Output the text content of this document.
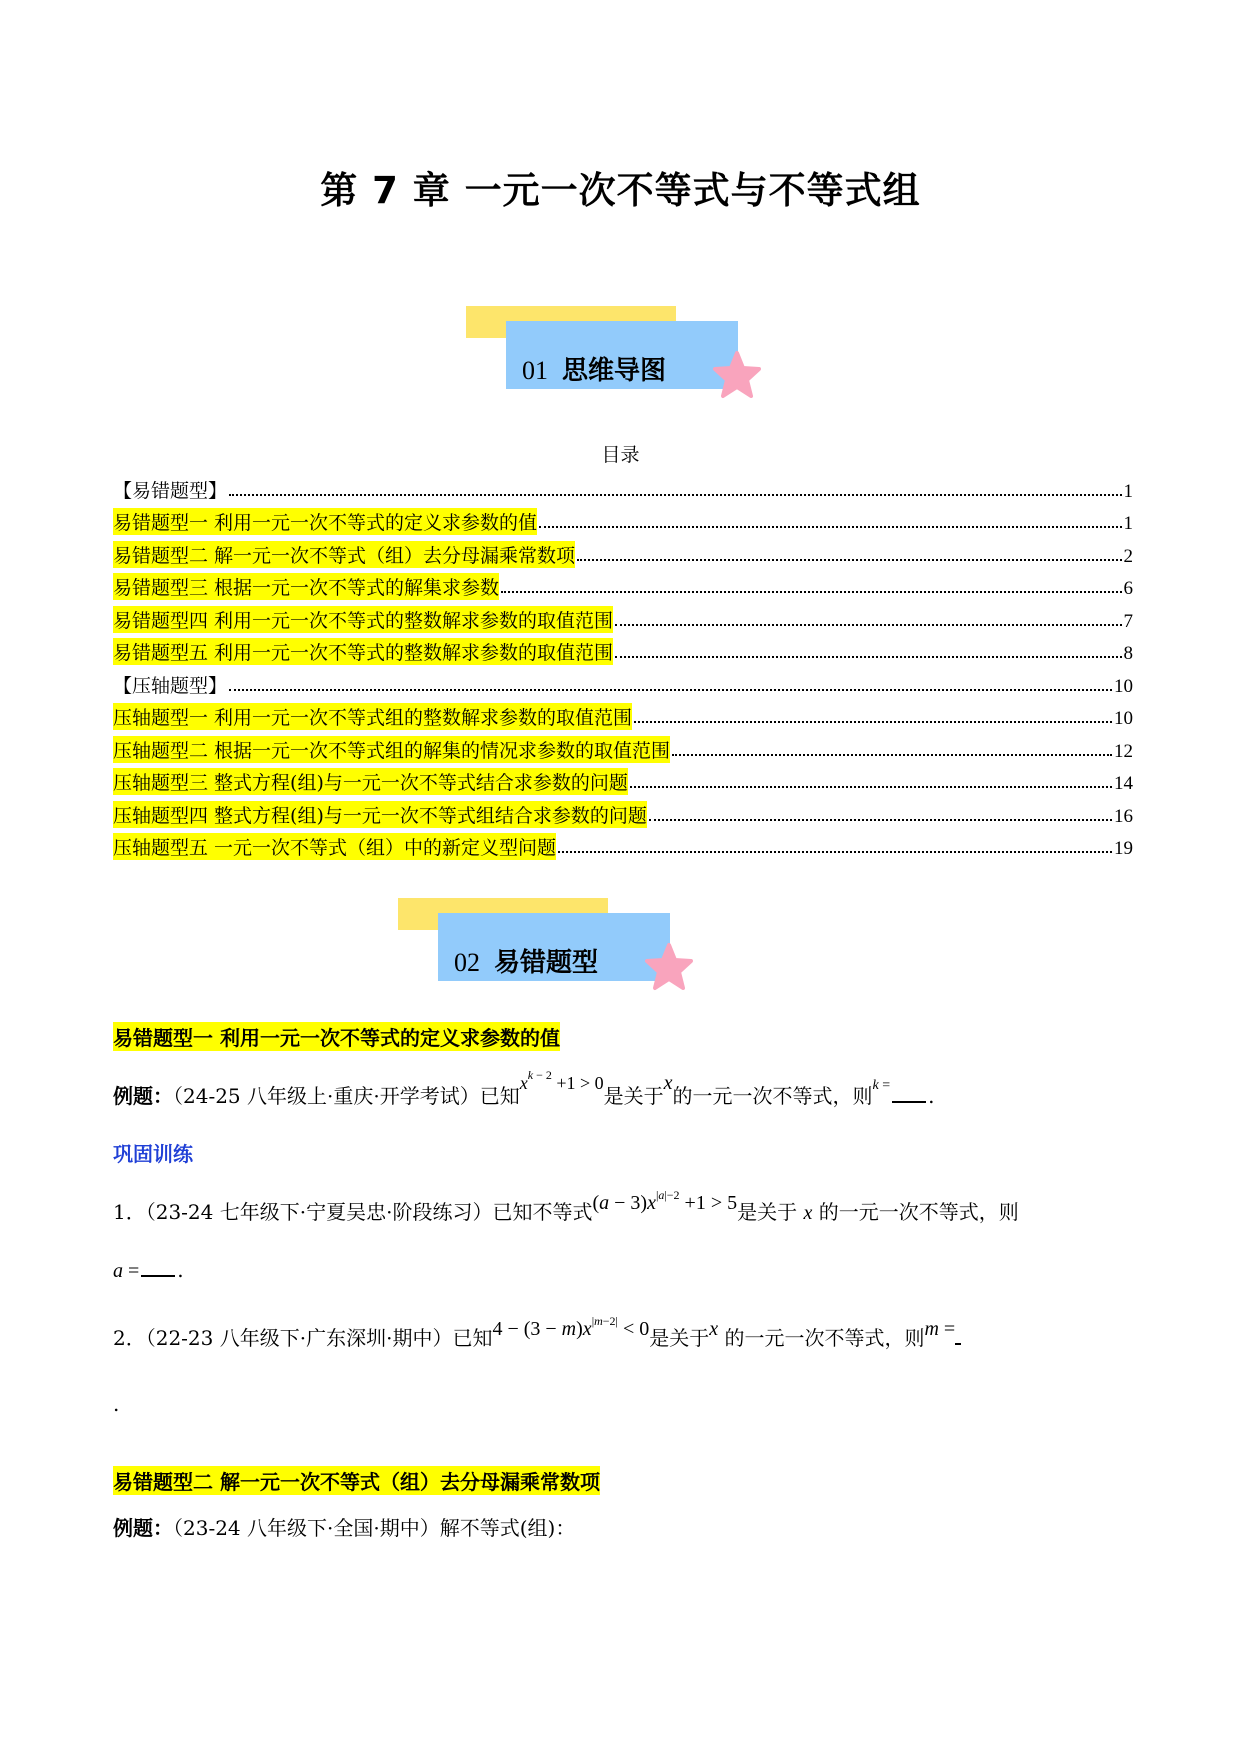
第 7 章 一元一次不等式与不等式组
01 思维导图
目录
【易错题型】	1
易错题型一 利用一元一次不等式的定义求参数的值	1
易错题型二 解一元一次不等式（组）去分母漏乘常数项	2
易错题型三 根据一元一次不等式的解集求参数	6
易错题型四 利用一元一次不等式的整数解求参数的取值范围	7
易错题型五 利用一元一次不等式的整数解求参数的取值范围	8
【压轴题型】	10
压轴题型一 利用一元一次不等式组的整数解求参数的取值范围	10
压轴题型二 根据一元一次不等式组的解集的情况求参数的取值范围	12
压轴题型三 整式方程(组)与一元一次不等式结合求参数的问题	14
压轴题型四 整式方程(组)与一元一次不等式组结合求参数的问题	16
压轴题型五 一元一次不等式（组）中的新定义型问题	19
02 易错题型
易错题型一 利用一元一次不等式的定义求参数的值
例题：（24-25 八年级上·重庆·开学考试）已知$x^{k - 2} +1 > 0$是关于x的一元一次不等式，则$^{k =}$ .
巩固训练
1．（23-24 七年级下·宁夏吴忠·阶段练习）已知不等式$(a - 3)x^{|a|-2} +1 > 5$是关于 x 的一元一次不等式，则
a = .
2．（22-23 八年级下·广东深圳·期中）已知$4 - (3 - m)x^{|m-2|} < 0$是关于x 的一元一次不等式，则m =
.
易错题型二 解一元一次不等式（组）去分母漏乘常数项
例题：（23-24 八年级下·全国·期中）解不等式(组)：
